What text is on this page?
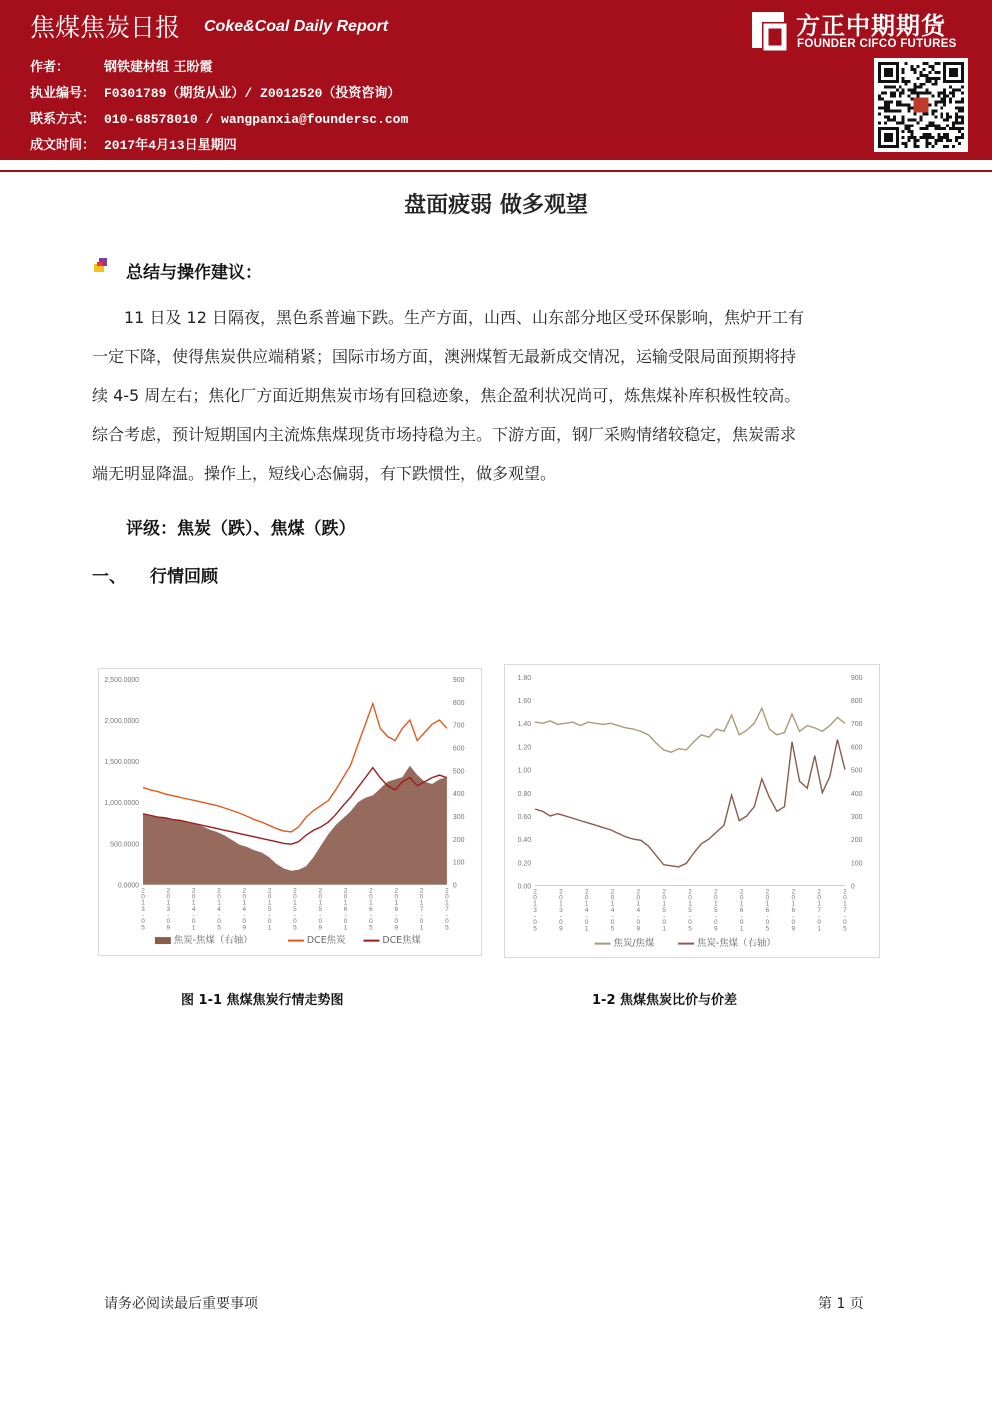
焦煤焦炭日报 Coke&Coal Daily Report
作者：	钢铁建材组 王盼霞
执业编号： F0301789（期货从业）/ Z0012520（投资咨询）
联系方式： 010-68578010 / wangpanxia@foundersc.com
成文时间： 2017年4月13日星期四
方正中期期货
FOUNDER CIFCO FUTURES
盘面疲弱 做多观望
总结与操作建议：
11 日及 12 日隔夜，黑色系普遍下跌。生产方面，山西、山东部分地区受环保影响，焦炉开工有
一定下降，使得焦炭供应端稍紧；国际市场方面，澳洲煤暂无最新成交情况，运输受限局面预期将持
续 4-5 周左右；焦化厂方面近期焦炭市场有回稳迹象，焦企盈利状况尚可，炼焦煤补库积极性较高。
综合考虑，预计短期国内主流炼焦煤现货市场持稳为主。下游方面，钢厂采购情绪较稳定，焦炭需求
端无明显降温。操作上，短线心态偏弱，有下跌惯性，做多观望。
评级：焦炭（跌）、焦煤（跌）
一、 行情回顾
2,500.0000
2,000.0000
1,500.0000
1,000.0000
500.0000
0.0000
900
800
700
600
500
400
300
200
100
0
2 0 1 3 -0 5
2 0 1 3 -0 9
2 0 1 4 -0 1
2 0 1 4 -0 5
2 0 1 4 -0 9
2 0 1 5 -0 1
2 0 1 5 -0 5
2 0 1 5 -0 9
2 0 1 6 -0 1
2 0 1 6 -0 5
2 0 1 6 -0 9
2 0 1 7 -0 1
2 0 1 7 -0 5
焦炭-焦煤（右轴）	DCE焦炭	DCE焦煤
1.80
1.60
1.40
1.20
1.00
0.80
0.60
0.40
0.20
0.00
900
800
700
600
500
400
300
200
100
0
2 0 1 3 -0 5
2 0 1 3 -0 9
2 0 1 4 -0 1
2 0 1 4 -0 5
2 0 1 4 -0 9
2 0 1 5 -0 1
2 0 1 5 -0 5
2 0 1 5 -0 9
2 0 1 6 -0 1
2 0 1 6 -0 5
2 0 1 6 -0 9
2 0 1 7 -0 1
2 0 1 7 -0 5
焦炭/焦煤	焦炭-焦煤（右轴）
图 1-1 焦煤焦炭行情走势图	1-2 焦煤焦炭比价与价差
请务必阅读最后重要事项	第 1 页
